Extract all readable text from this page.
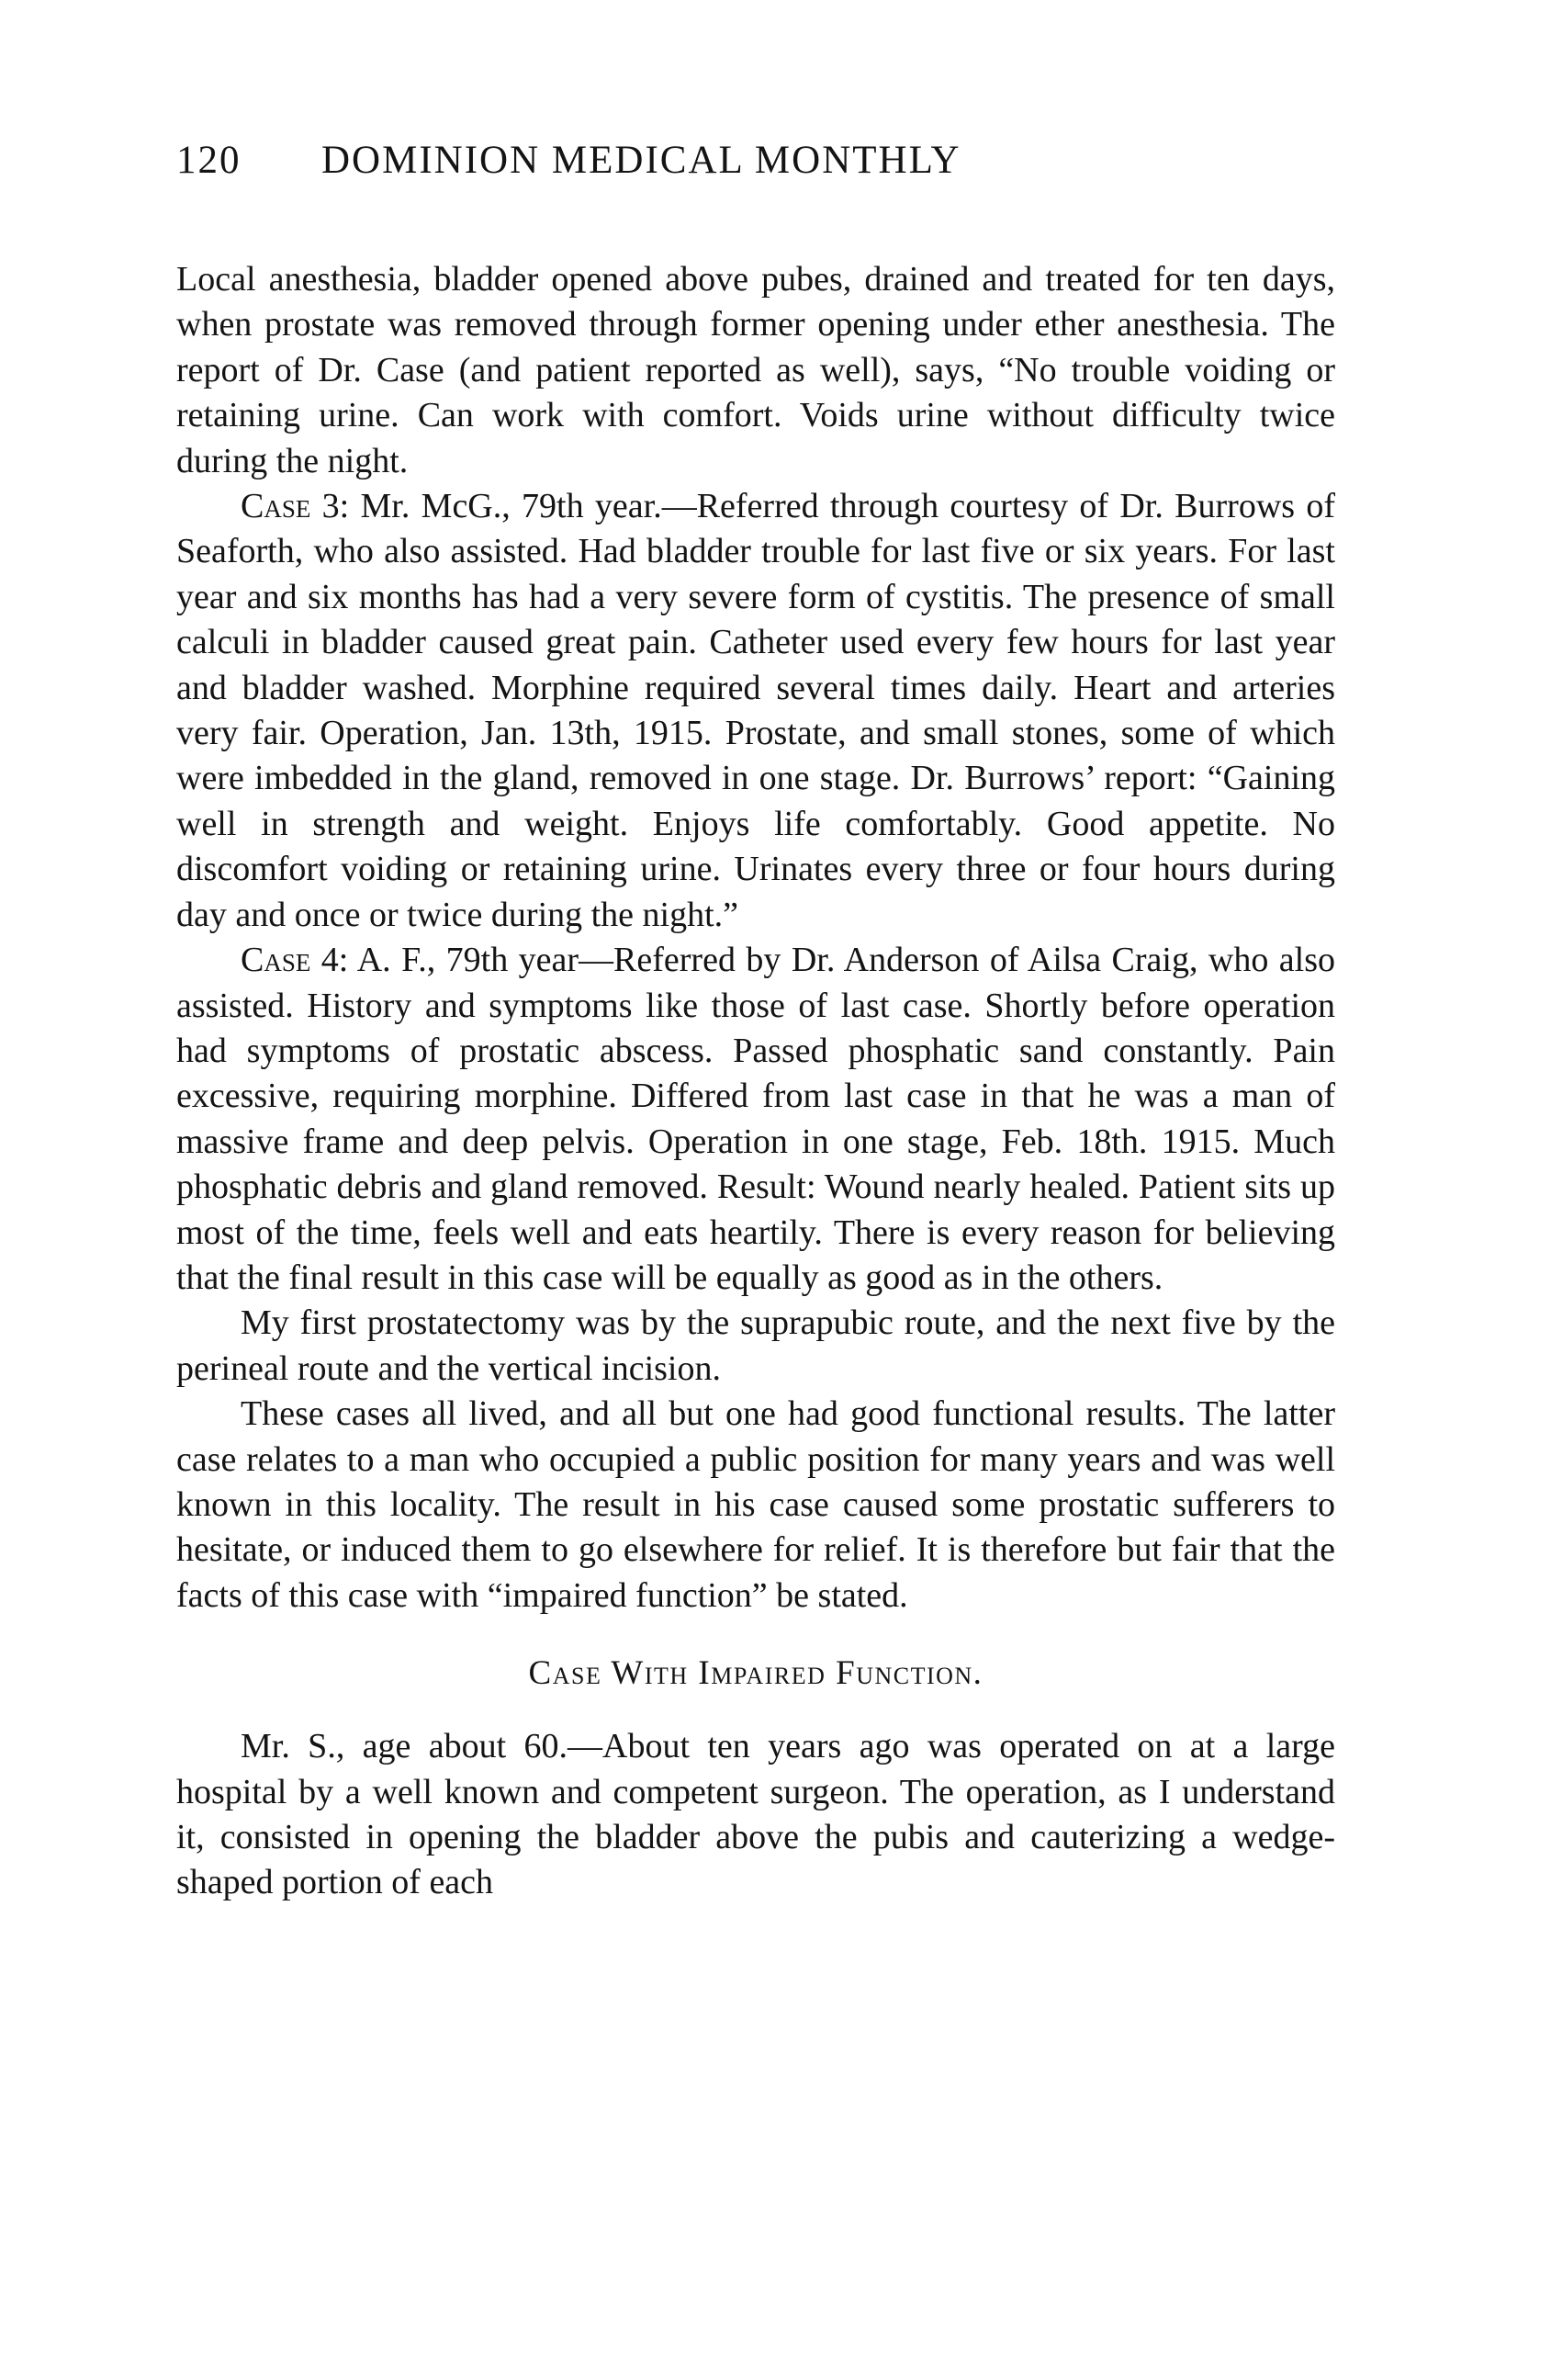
120	DOMINION MEDICAL MONTHLY

Local anesthesia, bladder opened above pubes, drained and treated for ten days, when prostate was removed through former opening under ether anesthesia. The report of Dr. Case (and patient reported as well), says, “No trouble voiding or retaining urine. Can work with comfort. Voids urine without difficulty twice during the night.

Case 3: Mr. McG., 79th year.—Referred through courtesy of Dr. Burrows of Seaforth, who also assisted. Had bladder trouble for last five or six years. For last year and six months has had a very severe form of cystitis. The presence of small calculi in bladder caused great pain. Catheter used every few hours for last year and bladder washed. Morphine required several times daily. Heart and arteries very fair. Operation, Jan. 13th, 1915. Prostate, and small stones, some of which were imbedded in the gland, removed in one stage. Dr. Burrows’ report: “Gaining well in strength and weight. Enjoys life comfortably. Good appetite. No discomfort voiding or retaining urine. Urinates every three or four hours during day and once or twice during the night.”

Case 4: A. F., 79th year—Referred by Dr. Anderson of Ailsa Craig, who also assisted. History and symptoms like those of last case. Shortly before operation had symptoms of prostatic abscess. Passed phosphatic sand constantly. Pain excessive, requiring morphine. Differed from last case in that he was a man of massive frame and deep pelvis. Operation in one stage, Feb. 18th. 1915. Much phosphatic debris and gland removed. Result: Wound nearly healed. Patient sits up most of the time, feels well and eats heartily. There is every reason for believing that the final result in this case will be equally as good as in the others.

My first prostatectomy was by the suprapubic route, and the next five by the perineal route and the vertical incision.

These cases all lived, and all but one had good functional results. The latter case relates to a man who occupied a public position for many years and was well known in this locality. The result in his case caused some prostatic sufferers to hesitate, or induced them to go elsewhere for relief. It is therefore but fair that the facts of this case with “impaired function” be stated.

Case With Impaired Function.

Mr. S., age about 60.—About ten years ago was operated on at a large hospital by a well known and competent surgeon. The operation, as I understand it, consisted in opening the bladder above the pubis and cauterizing a wedge-shaped portion of each
